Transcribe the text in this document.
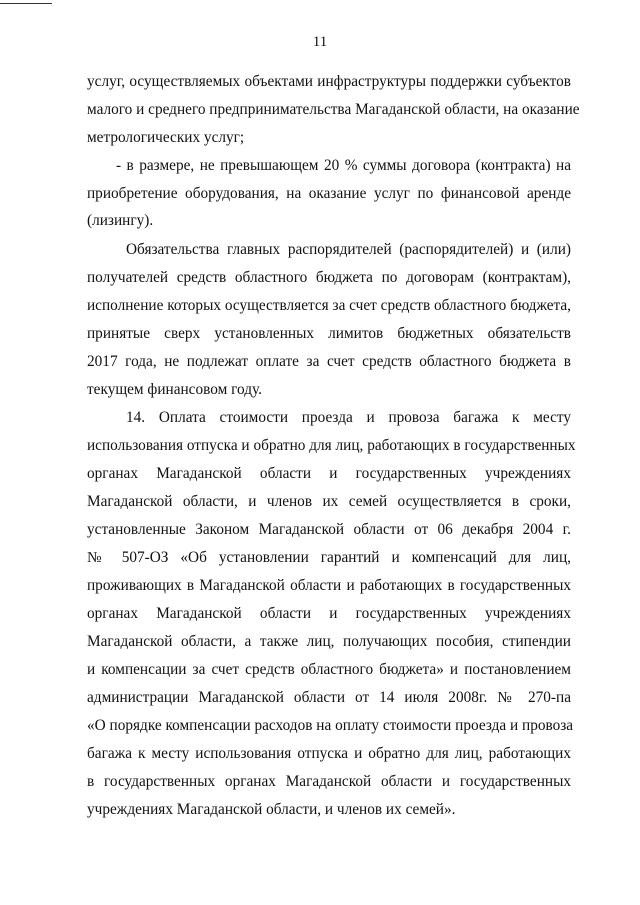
11
услуг, осуществляемых объектами инфраструктуры поддержки субъектов
малого и среднего предпринимательства Магаданской области, на оказание
метрологических услуг;
- в размере, не превышающем 20 % суммы договора (контракта) на
приобретение оборудования, на оказание услуг по финансовой аренде
(лизингу).
Обязательства главных распорядителей (распорядителей) и (или)
получателей средств областного бюджета по договорам (контрактам),
исполнение которых осуществляется за счет средств областного бюджета,
принятые сверх установленных лимитов бюджетных обязательств
2017 года, не подлежат оплате за счет средств областного бюджета в
текущем финансовом году.
14. Оплата стоимости проезда и провоза багажа к месту
использования отпуска и обратно для лиц, работающих в государственных
органах Магаданской области и государственных учреждениях
Магаданской области, и членов их семей осуществляется в сроки,
установленные Законом Магаданской области от 06 декабря 2004 г.
№ 507-ОЗ «Об установлении гарантий и компенсаций для лиц,
проживающих в Магаданской области и работающих в государственных
органах Магаданской области и государственных учреждениях
Магаданской области, а также лиц, получающих пособия, стипендии
и компенсации за счет средств областного бюджета» и постановлением
администрации Магаданской области от 14 июля 2008г. № 270-па
«О порядке компенсации расходов на оплату стоимости проезда и провоза
багажа к месту использования отпуска и обратно для лиц, работающих
в государственных органах Магаданской области и государственных
учреждениях Магаданской области, и членов их семей».
